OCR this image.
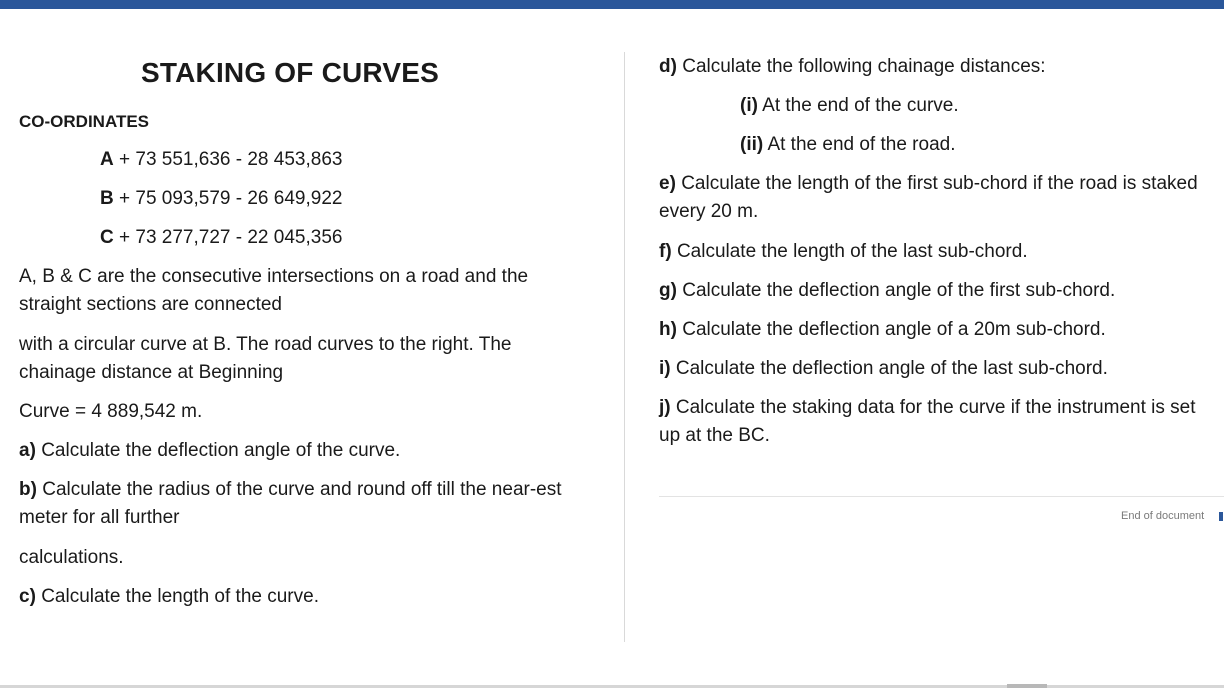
STAKING OF CURVES
CO-ORDINATES
A + 73 551,636 - 28 453,863
B + 75 093,579 - 26 649,922
C + 73 277,727 - 22 045,356
A, B & C are the consecutive intersections on a road and the straight sections are connected
with a circular curve at B. The road curves to the right. The chainage distance at Beginning
Curve = 4 889,542 m.
a) Calculate the deflection angle of the curve.
b) Calculate the radius of the curve and round off till the near-est meter for all further
calculations.
c) Calculate the length of the curve.
d) Calculate the following chainage distances:
(i) At the end of the curve.
(ii) At the end of the road.
e) Calculate the length of the first sub-chord if the road is staked every 20 m.
f) Calculate the length of the last sub-chord.
g) Calculate the deflection angle of the first sub-chord.
h) Calculate the deflection angle of a 20m sub-chord.
i) Calculate the deflection angle of the last sub-chord.
j) Calculate the staking data for the curve if the instrument is set up at the BC.
End of document
